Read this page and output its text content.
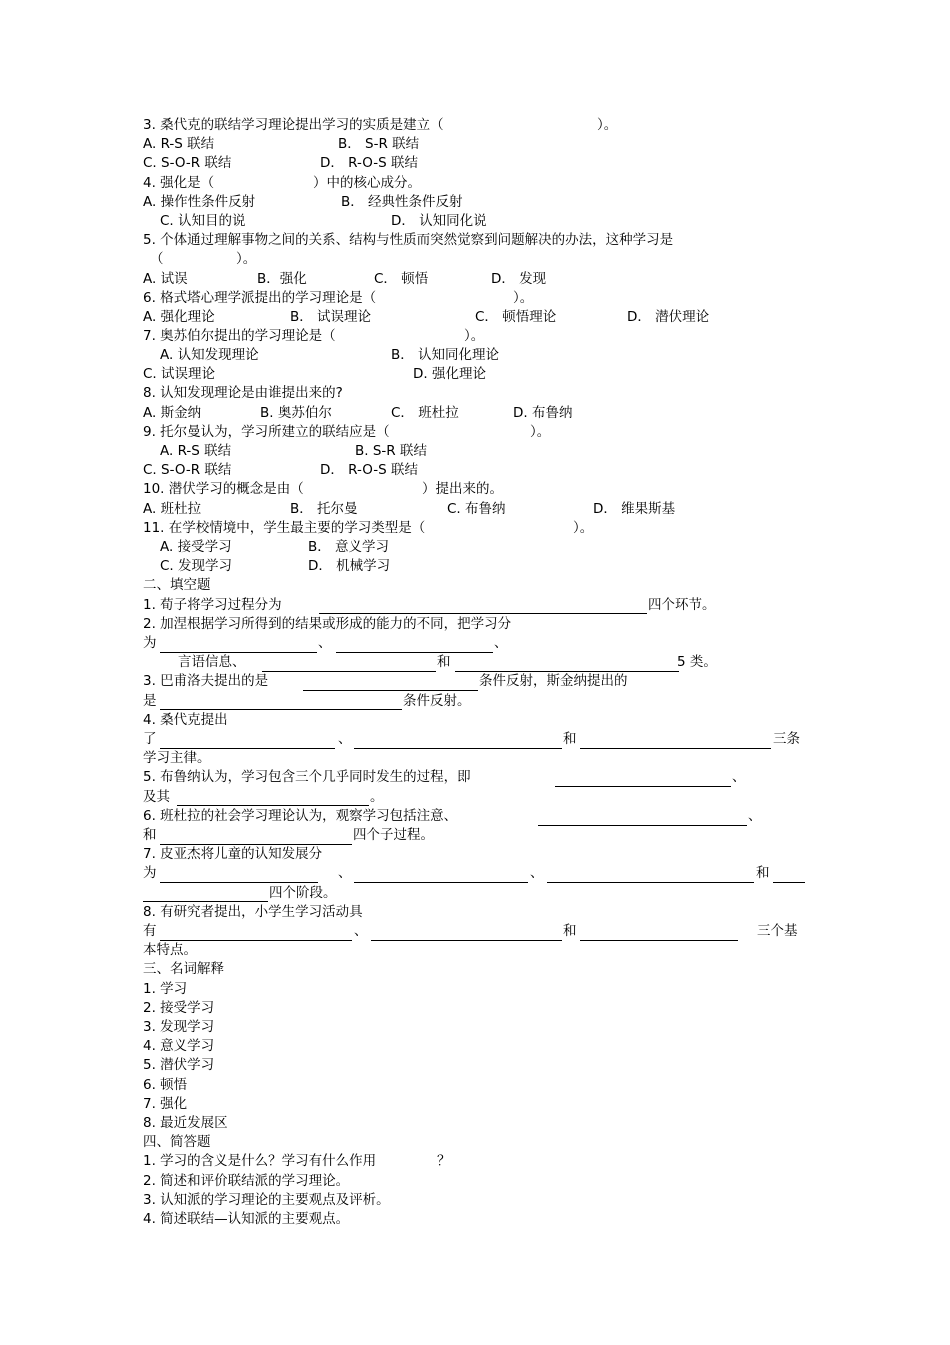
3. 桑代克的联结学习理论提出学习的实质是建立（	）。
A. R-S 联结	B． S-R 联结
C. S-O-R 联结	D． R-O-S 联结
4. 强化是（	）中的核心成分。
A. 操作性条件反射	B． 经典性条件反射
C. 认知目的说	D． 认知同化说
5. 个体通过理解事物之间的关系、结构与性质而突然觉察到问题解决的办法，这种学习是
（	）。
A. 试误	B．强化	C． 顿悟	D． 发现
6. 格式塔心理学派提出的学习理论是（	）。
A. 强化理论	B． 试误理论	C． 顿悟理论	D． 潜伏理论
7. 奥苏伯尔提出的学习理论是（	）。
A. 认知发现理论	B． 认知同化理论
C. 试误理论	D. 强化理论
8. 认知发现理论是由谁提出来的?
A. 斯金纳	B. 奥苏伯尔	C． 班杜拉	D. 布鲁纳
9. 托尔曼认为，学习所建立的联结应是（	）。
A. R-S 联结	B. S-R 联结
C. S-O-R 联结	D． R-O-S 联结
10. 潜伏学习的概念是由（	）提出来的。
A. 班杜拉	B． 托尔曼	C. 布鲁纳	D． 维果斯基
11. 在学校情境中，学生最主要的学习类型是（	）。
A. 接受学习	B． 意义学习
C. 发现学习	D． 机械学习
二、填空题
1. 荀子将学习过程分为	四个环节。
2. 加涅根据学习所得到的结果或形成的能力的不同，把学习分
为	、	、
言语信息、	和	5 类。
3. 巴甫洛夫提出的是	条件反射，斯金纳提出的
是	条件反射。
4. 桑代克提出
了	、	和	三条
学习主律。
5. 布鲁纳认为，学习包含三个几乎同时发生的过程，即	、
及其	。
6. 班杜拉的社会学习理论认为，观察学习包括注意、	、
和	四个子过程。
7. 皮亚杰将儿童的认知发展分
为	、	、	和
四个阶段。
8. 有研究者提出，小学生学习活动具
有	、	和	三个基
本特点。
三、名词解释
1. 学习
2. 接受学习
3. 发现学习
4. 意义学习
5. 潜伏学习
6. 顿悟
7. 强化
8. 最近发展区
四、简答题
1. 学习的含义是什么？学习有什么作用	？
2. 简述和评价联结派的学习理论。
3. 认知派的学习理论的主要观点及评析。
4. 简述联结—认知派的主要观点。
